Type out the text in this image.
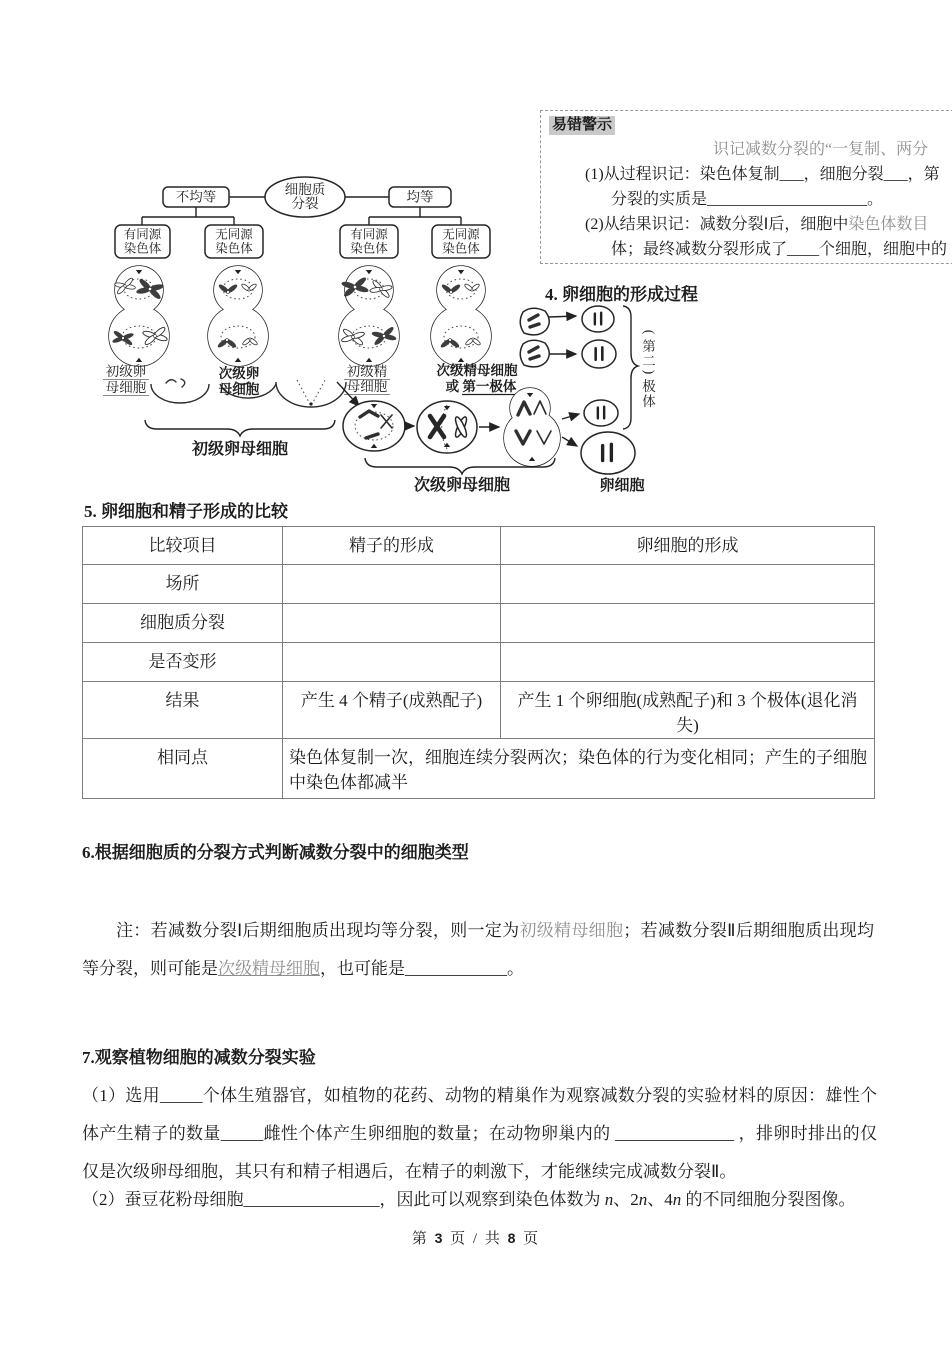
易错警示
识记减数分裂的“一复制、两分
(1)从过程识记：染色体复制___，细胞分裂___，第
分裂的实质是____________________。
(2)从结果识记：减数分裂Ⅰ后，细胞中染色体数目
体；最终减数分裂形成了____个细胞，细胞中的
4. 卵细胞的形成过程
细胞质
分裂
不均等	均等
有同源
染色体
无同源
染色体
有同源
染色体
无同源
染色体
初级卵
母细胞
次级卵
母细胞
初级精
母细胞
次级精母细胞
或 第一极体
初级卵母细胞
次级卵母细胞
(
第
二
)
极
体
卵细胞
5. 卵细胞和精子形成的比较
比较项目	精子的形成	卵细胞的形成
场所		
细胞质分裂		
是否变形		
结果	产生 4 个精子(成熟配子)	产生 1 个卵细胞(成熟配子)和 3 个极体(退化消失)
相同点	染色体复制一次，细胞连续分裂两次；染色体的行为变化相同；产生的子细胞中染色体都减半	
6.根据细胞质的分裂方式判断减数分裂中的细胞类型
注：若减数分裂Ⅰ后期细胞质出现均等分裂，则一定为初级精母细胞；若减数分裂Ⅱ后期细胞质出现均等分裂，则可能是次级精母细胞，也可能是____________。
7.观察植物细胞的减数分裂实验
（1）选用_____个体生殖器官，如植物的花药、动物的精巢作为观察减数分裂的实验材料的原因：雄性个体产生精子的数量_____雌性个体产生卵细胞的数量；在动物卵巢内的 ______________ ，排卵时排出的仅仅是次级卵母细胞，其只有和精子相遇后，在精子的刺激下，才能继续完成减数分裂Ⅱ。
（2）蚕豆花粉母细胞________________，因此可以观察到染色体数为 n、2n、4n 的不同细胞分裂图像。
第 3 页 / 共 8 页
